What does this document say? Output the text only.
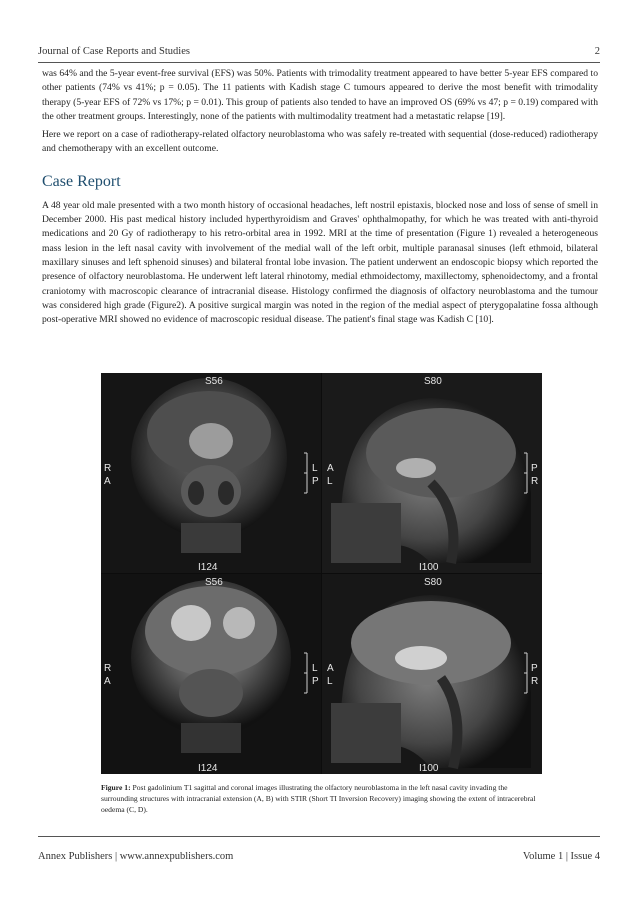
Journal of Case Reports and Studies	2

was 64% and the 5-year event-free survival (EFS) was 50%. Patients with trimodality treatment appeared to have better 5-year EFS compared to other patients (74% vs 41%; p = 0.05). The 11 patients with Kadish stage C tumours appeared to derive the most benefit with trimodality therapy (5-year EFS of 72% vs 17%; p = 0.01). This group of patients also tended to have an improved OS (69% vs 47; p = 0.19) compared with the other treatment groups. Interestingly, none of the patients with multimodality treatment had a metastatic relapse [19].

Here we report on a case of radiotherapy-related olfactory neuroblastoma who was safely re-treated with sequential (dose-reduced) radiotherapy and chemotherapy with an excellent outcome.

Case Report

A 48 year old male presented with a two month history of occasional headaches, left nostril epistaxis, blocked nose and loss of sense of smell in December 2000. His past medical history included hyperthyroidism and Graves' ophthalmopathy, for which he was treated with anti-thyroid medications and 20 Gy of radiotherapy to his retro-orbital area in 1992. MRI at the time of presentation (Figure 1) revealed a heterogeneous mass lesion in the left nasal cavity with involvement of the medial wall of the left orbit, multiple paranasal sinuses (left ethmoid, bilateral maxillary sinuses and left sphenoid sinuses) and bilateral frontal lobe invasion. The patient underwent an endoscopic biopsy which reported the presence of olfactory neuroblastoma. He underwent left lateral rhinotomy, medial ethmoidectomy, maxillectomy, sphenoidectomy, and a frontal craniotomy with macroscopic clearance of intracranial disease. Histology confirmed the diagnosis of olfactory neuroblastoma and the tumour was considered high grade (Figure2). A positive surgical margin was noted in the region of the medial aspect of pterygopalatine fossa although post-operative MRI showed no evidence of macroscopic residual disease. The patient's final stage was Kadish C [10].

S56
I124
R
A
L
P
S80
I100
A
L
P
R
S56
I124
R
A
L
P
S80
I100
A
L
P
R

Figure 1: Post gadolinium T1 sagittal and coronal images illustrating the olfactory neuroblastoma in the left nasal cavity invading the surrounding structures with intracranial extension (A, B) with STIR (Short TI Inversion Recovery) imaging showing the extent of intracerebral oedema (C, D).

Annex Publishers | www.annexpublishers.com	Volume 1 | Issue 4
